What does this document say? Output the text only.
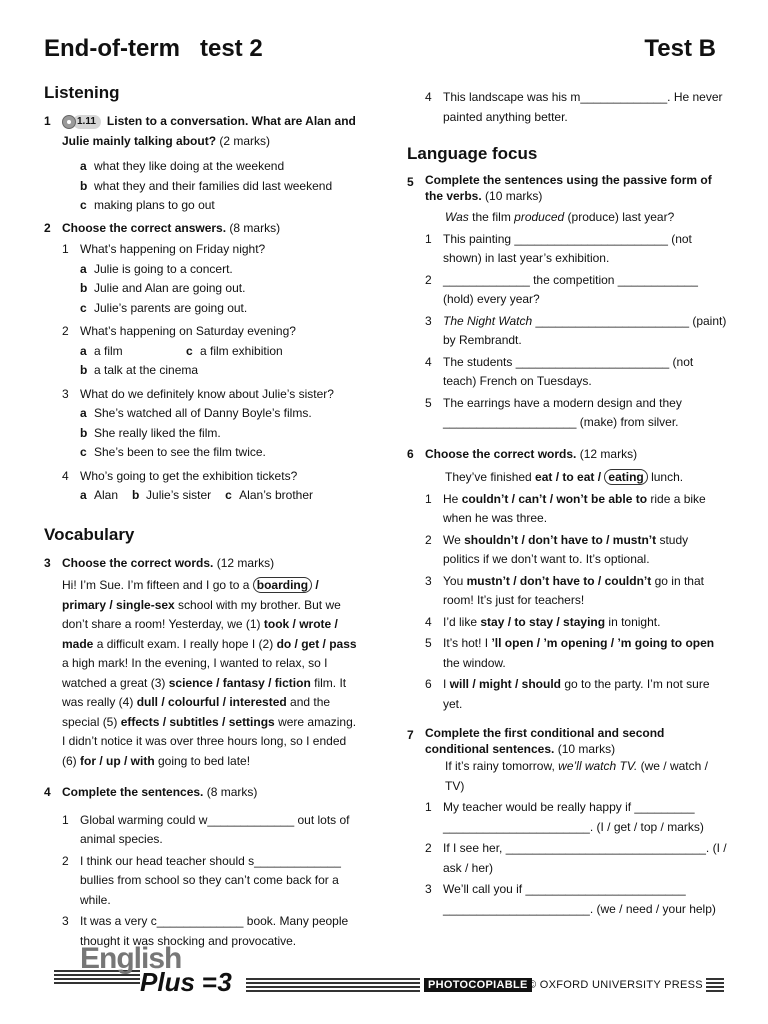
End-of-term   test 2	Test B
Listening
1	1.11 Listen to a conversation. What are Alan and Julie mainly talking about? (2 marks)
a what they like doing at the weekend
b what they and their families did last weekend
c making plans to go out
2 Choose the correct answers. (8 marks)
1 What’s happening on Friday night?
a Julie is going to a concert.
b Julie and Alan are going out.
c Julie’s parents are going out.
2 What’s happening on Saturday evening?
a a film	c a film exhibition
b a talk at the cinema
3 What do we definitely know about Julie’s sister?
a She’s watched all of Danny Boyle’s films.
b She really liked the film.
c She’s been to see the film twice.
4 Who’s going to get the exhibition tickets?
a Alan b Julie’s sister c Alan’s brother
Vocabulary
3 Choose the correct words. (12 marks)
Hi! I’m Sue. I’m fifteen and I go to a boarding / primary / single-sex school with my brother. But we don’t share a room! Yesterday, we (1) took / wrote / made a difficult exam. I really hope I (2) do / get / pass a high mark! In the evening, I wanted to relax, so I watched a great (3) science / fantasy / fiction film. It was really (4) dull / colourful / interested and the special (5) effects / subtitles / settings were amazing. I didn’t notice it was over three hours long, so I ended (6) for / up / with going to bed late!
4 Complete the sentences. (8 marks)
1 Global warming could w_____________ out lots of animal species.
2 I think our head teacher should s_____________ bullies from school so they can’t come back for a while.
3 It was a very c_____________ book. Many people thought it was shocking and provocative.
4 This landscape was his m_____________. He never painted anything better.
Language focus
5 Complete the sentences using the passive form of the verbs. (10 marks)
Was the film produced (produce) last year?
1 This painting _______________________ (not shown) in last year’s exhibition.
2 _____________ the competition ____________ (hold) every year?
3 The Night Watch _______________________ (paint) by Rembrandt.
4 The students _______________________ (not teach) French on Tuesdays.
5 The earrings have a modern design and they ____________________ (make) from silver.
6 Choose the correct words. (12 marks)
They’ve finished eat / to eat / eating lunch.
1 He couldn’t / can’t / won’t be able to ride a bike when he was three.
2 We shouldn’t / don’t have to / mustn’t study politics if we don’t want to. It’s optional.
3 You mustn’t / don’t have to / couldn’t go in that room! It’s just for teachers!
4 I’d like stay / to stay / staying in tonight.
5 It’s hot! I ’ll open / ’m opening / ’m going to open the window.
6 I will / might / should go to the party. I’m not sure yet.
7 Complete the first conditional and second conditional sentences. (10 marks)
If it’s rainy tomorrow, we’ll watch TV. (we / watch / TV)
1 My teacher would be really happy if _________ ______________________. (I / get / top / marks)
2 If I see her, ______________________________. (I / ask / her)
3 We’ll call you if ________________________ ______________________. (we / need / your help)
English
Plus =3	PHOTOCOPIABLE © OXFORD UNIVERSITY PRESS
